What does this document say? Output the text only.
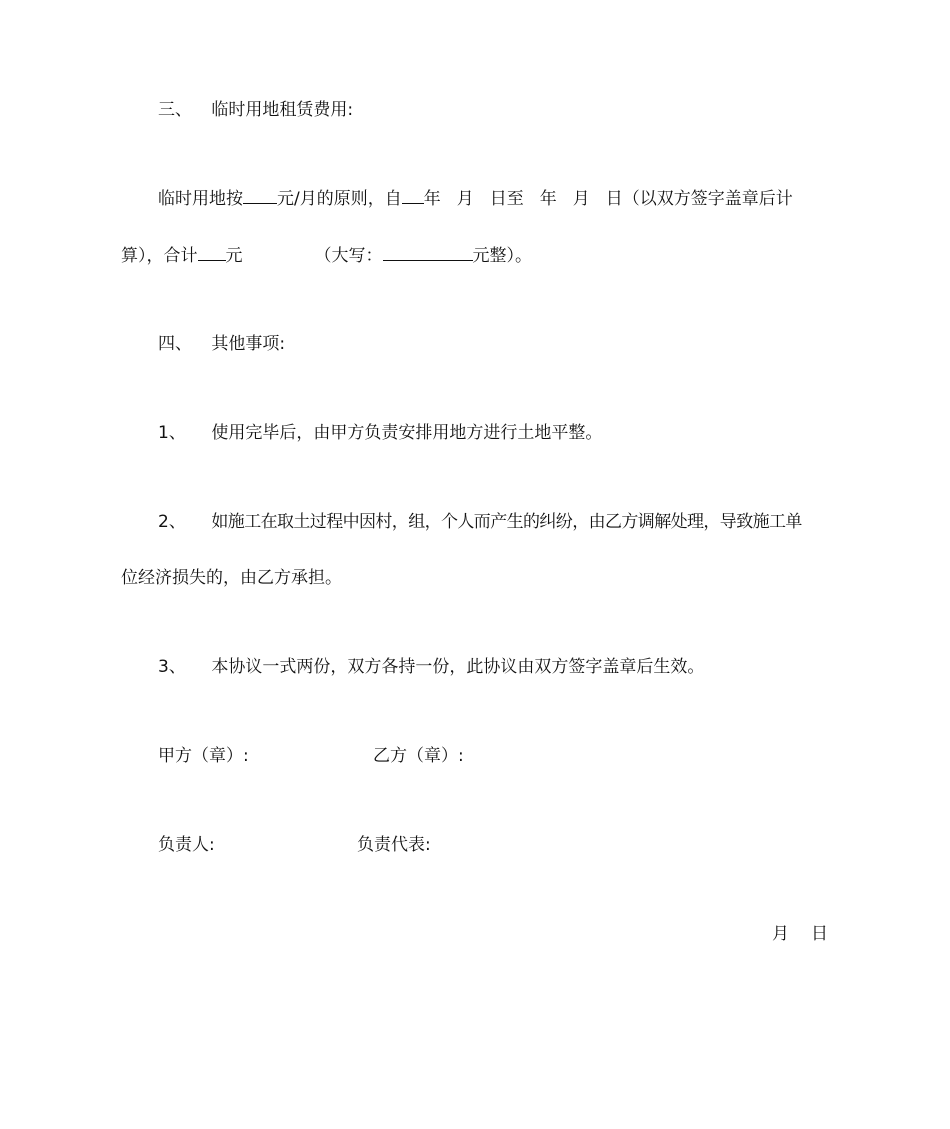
三、 临时用地租赁费用:
临时用地按 元/月的原则，自 年 月 日至 年 月 日（以双方签字盖章后计
算），合计 元	（大写：	元整）。
四、 其他事项:
1、 使用完毕后，由甲方负责安排用地方进行土地平整。
2、 如施工在取土过程中因村，组，个人而产生的纠纷，由乙方调解处理，导致施工单
位经济损失的，由乙方承担。
3、 本协议一式两份，双方各持一份，此协议由双方签字盖章后生效。
甲方（章）:	乙方（章）:
负责人:	负责代表:
月 日
